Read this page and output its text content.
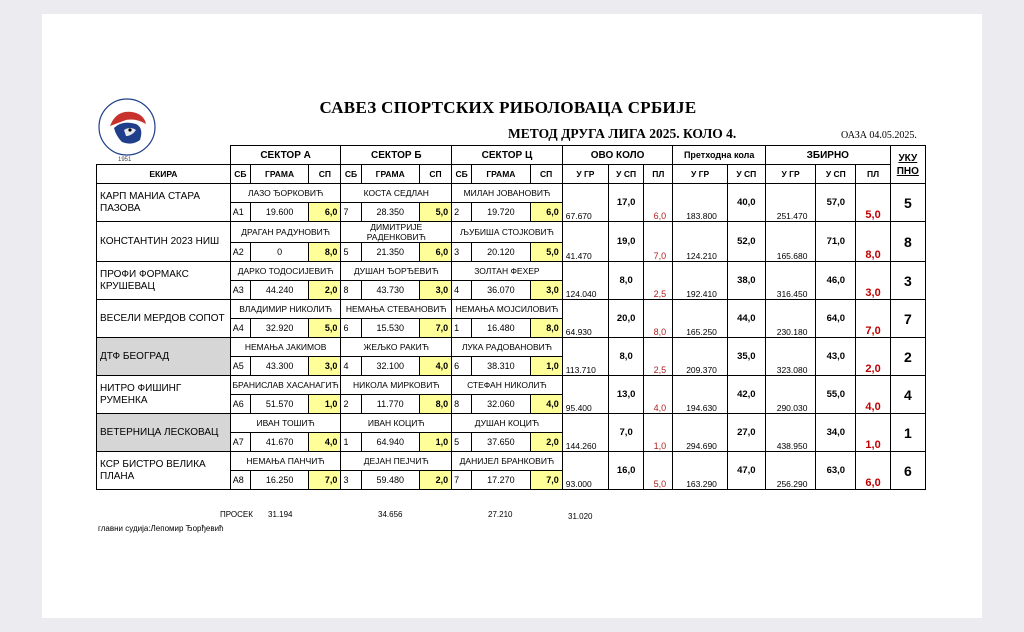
1951
САВЕЗ СПОРТСКИХ РИБОЛОВАЦА СРБИЈЕ
МЕТОД ДРУГА ЛИГА 2025. КОЛО 4.	ОАЗА 04.05.2025.
	СЕКТОР А			СЕКТОР Б			СЕКТОР Ц			ОВО КОЛО			Претходна кола		ЗБИРНО			УКУ
ПНО
ЕКИРА	СБ	ГРАМА	СП	СБ	ГРАМА	СП	СБ	ГРАМА	СП	У ГР	У СП	ПЛ	У ГР	У СП	У ГР	У СП	ПЛ	
КАРП МАНИА СТАРА ПАЗОВА	ЛАЗО ЂОРКОВИЋ			КОСТА СЕДЛАН			МИЛАН ЈОВАНОВИЋ			67.670	17,0	6,0	183.800	40,0	251.470	57,0	5,0	5
	А1	19.600	6,0	7	28.350	5,0	2	19.720	6,0									
КОНСТАНТИН 2023 НИШ	ДРАГАН РАДУНОВИЋ			ДИМИТРИЈЕ РАДЕНКОВИЋ			ЉУБИША СТОЈКОВИЋ			41.470	19,0	7,0	124.210	52,0	165.680	71,0	8,0	8
	А2	0	8,0	5	21.350	6,0	3	20.120	5,0									
ПРОФИ ФОРМАКС КРУШЕВАЦ	ДАРКО ТОДОСИЈЕВИЋ			ДУШАН ЂОРЂЕВИЋ			ЗОЛТАН ФЕХЕР			124.040	8,0	2,5	192.410	38,0	316.450	46,0	3,0	3
	А3	44.240	2,0	8	43.730	3,0	4	36.070	3,0									
ВЕСЕЛИ МЕРДОВ СОПОТ	ВЛАДИМИР НИКОЛИЋ			НЕМАЊА СТЕВАНОВИЋ			НЕМАЊА МОЈСИЛОВИЋ			64.930	20,0	8,0	165.250	44,0	230.180	64,0	7,0	7
	А4	32.920	5,0	6	15.530	7,0	1	16.480	8,0									
ДТФ БЕОГРАД	НЕМАЊА ЈАКИМОВ			ЖЕЉКО РАКИЋ			ЛУКА РАДОВАНОВИЋ			113.710	8,0	2,5	209.370	35,0	323.080	43,0	2,0	2
	А5	43.300	3,0	4	32.100	4,0	6	38.310	1,0									
НИТРО ФИШИНГ РУМЕНКА	БРАНИСЛАВ ХАСАНАГИЋ			НИКОЛА МИРКОВИЋ			СТЕФАН НИКОЛИЋ			95.400	13,0	4,0	194.630	42,0	290.030	55,0	4,0	4
	А6	51.570	1,0	2	11.770	8,0	8	32.060	4,0									
ВЕТЕРНИЦА ЛЕСКОВАЦ	ИВАН ТОШИЋ			ИВАН КОЦИЋ			ДУШАН КОЦИЋ			144.260	7,0	1,0	294.690	27,0	438.950	34,0	1,0	1
	А7	41.670	4,0	1	64.940	1,0	5	37.650	2,0									
КСР БИСТРО ВЕЛИКА ПЛАНА	НЕМАЊА ПАНЧИЋ			ДЕЈАН ПЕЈЧИЋ			ДАНИЈЕЛ БРАНКОВИЋ			93.000	16,0	5,0	163.290	47,0	256.290	63,0	6,0	6
	А8	16.250	7,0	3	59.480	2,0	7	17.270	7,0									
ПРОСЕК 31.194	34.656	27.210	31.020
главни судија:Лепомир Ђорђевић
